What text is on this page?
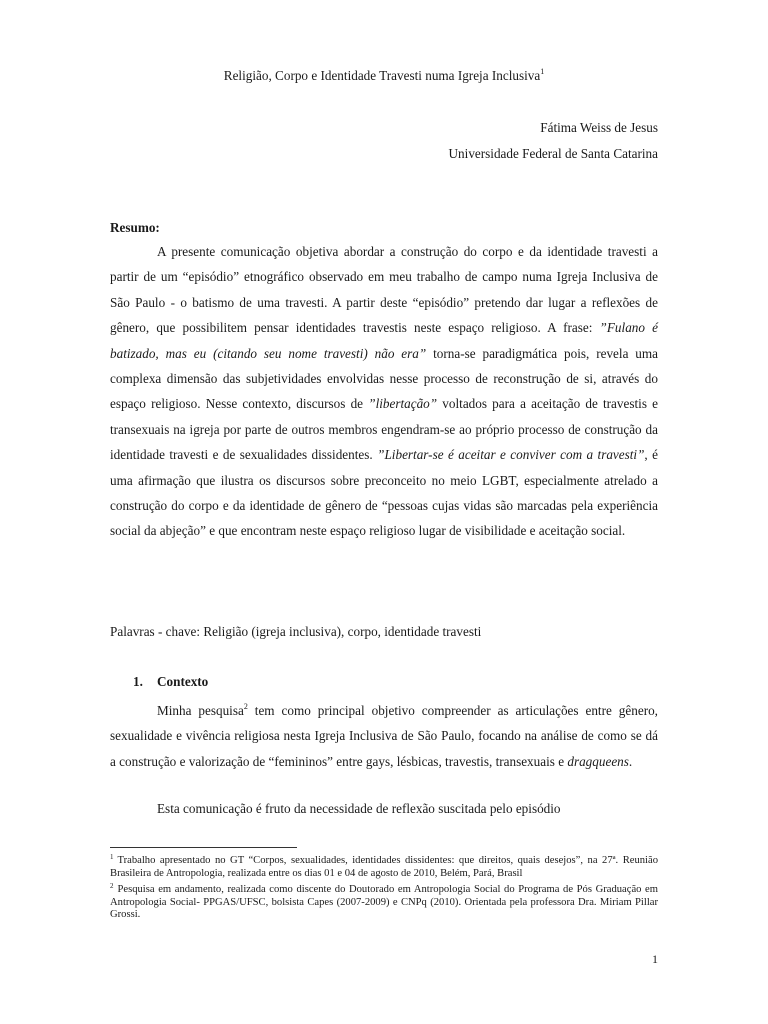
Religião, Corpo e Identidade Travesti numa Igreja Inclusiva$^1$
Fátima Weiss de Jesus
Universidade Federal de Santa Catarina
Resumo:

A presente comunicação objetiva abordar a construção do corpo e da identidade travesti a partir de um “episódio” etnográfico observado em meu trabalho de campo numa Igreja Inclusiva de São Paulo - o batismo de uma travesti. A partir deste “episódio” pretendo dar lugar a reflexões de gênero, que possibilitem pensar identidades travestis neste espaço religioso. A frase: ”Fulano é batizado, mas eu (citando seu nome travesti) não era” torna-se paradigmática pois, revela uma complexa dimensão das subjetividades envolvidas nesse processo de reconstrução de si, através do espaço religioso. Nesse contexto, discursos de ”libertação” voltados para a aceitação de travestis e transexuais na igreja por parte de outros membros engendram-se ao próprio processo de construção da identidade travesti e de sexualidades dissidentes. ”Libertar-se é aceitar e conviver com a travesti”, é uma afirmação que ilustra os discursos sobre preconceito no meio LGBT, especialmente atrelado a construção do corpo e da identidade de gênero de “pessoas cujas vidas são marcadas pela experiência social da abjeção” e que encontram neste espaço religioso lugar de visibilidade e aceitação social.

Palavras - chave: Religião (igreja inclusiva), corpo, identidade travesti
1. Contexto

Minha pesquisa$^2$ tem como principal objetivo compreender as articulações entre gênero, sexualidade e vivência religiosa nesta Igreja Inclusiva de São Paulo, focando na análise de como se dá a construção e valorização de “femininos” entre gays, lésbicas, travestis, transexuais e dragqueens.

Esta comunicação é fruto da necessidade de reflexão suscitada pelo episódio

$^1$ Trabalho apresentado no GT “Corpos, sexualidades, identidades dissidentes: que direitos, quais desejos”, na 27ª. Reunião Brasileira de Antropologia, realizada entre os dias 01 e 04 de agosto de 2010, Belém, Pará, Brasil

$^2$ Pesquisa em andamento, realizada como discente do Doutorado em Antropologia Social do Programa de Pós Graduação em Antropologia Social- PPGAS/UFSC, bolsista Capes (2007-2009) e CNPq (2010). Orientada pela professora Dra. Miriam Pillar Grossi.

1
